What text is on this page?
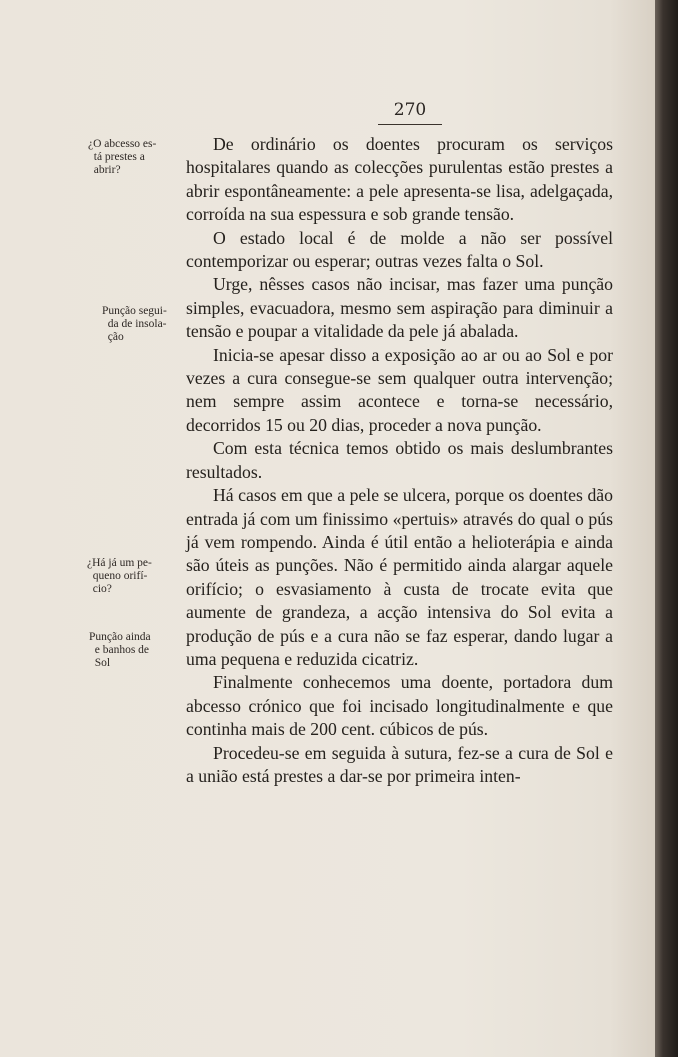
270
¿O abcesso es-
tá prestes a
abrir?
Punção segui-
da de insola-
ção
¿Há já um pe-
queno orifí-
cio?
Punção ainda
e banhos de
Sol

De ordinário os doentes procuram os serviços hospitalares quando as colecções purulentas estão prestes a abrir espontâneamente: a pele apresenta-se lisa, adelgaçada, corroída na sua espessura e sob grande tensão.

O estado local é de molde a não ser possível contemporizar ou esperar; outras vezes falta o Sol.

Urge, nêsses casos não incisar, mas fazer uma punção simples, evacuadora, mesmo sem aspiração para diminuir a tensão e poupar a vitalidade da pele já abalada.

Inicia-se apesar disso a exposição ao ar ou ao Sol e por vezes a cura consegue-se sem qualquer outra intervenção; nem sempre assim acontece e torna-se necessário, decorridos 15 ou 20 dias, proceder a nova punção.

Com esta técnica temos obtido os mais deslumbrantes resultados.

Há casos em que a pele se ulcera, porque os doentes dão entrada já com um finissimo «pertuis» através do qual o pús já vem rompendo. Ainda é útil então a helioterápia e ainda são úteis as punções. Não é permitido ainda alargar aquele orifício; o esvasiamento à custa de trocate evita que aumente de grandeza, a acção intensiva do Sol evita a produção de pús e a cura não se faz esperar, dando lugar a uma pequena e reduzida cicatriz.

Finalmente conhecemos uma doente, portadora dum abcesso crónico que foi incisado longitudinalmente e que continha mais de 200 cent. cúbicos de pús.

Procedeu-se em seguida à sutura, fez-se a cura de Sol e a união está prestes a dar-se por primeira inten-
